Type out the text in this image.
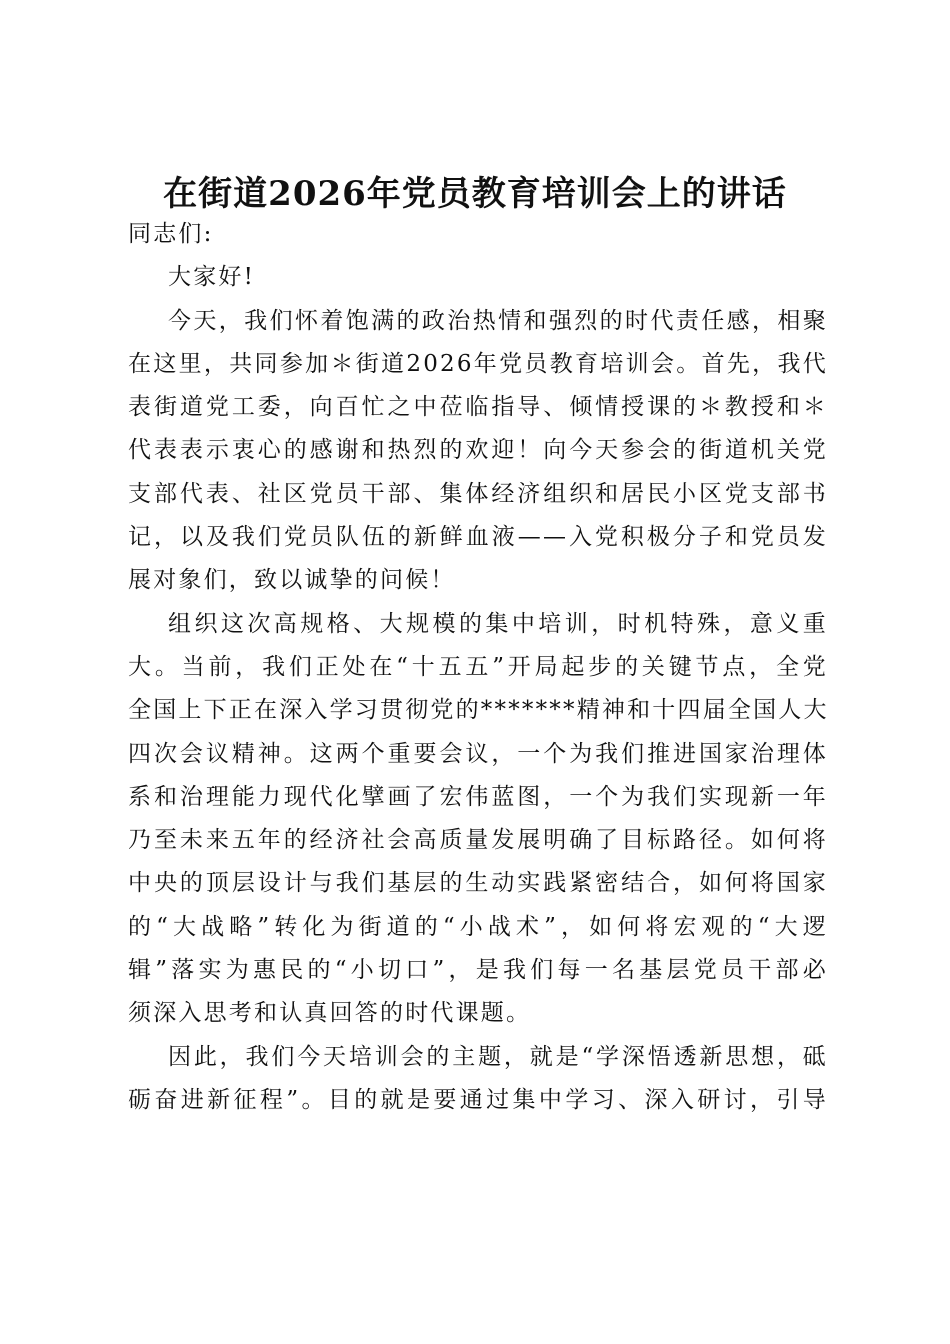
在街道2026年党员教育培训会上的讲话
同志们:
大家好!
今天，我们怀着饱满的政治热情和强烈的时代责任感，相聚
在这里，共同参加＊街道2026年党员教育培训会。首先，我代
表街道党工委，向百忙之中莅临指导、倾情授课的＊教授和＊
代表表示衷心的感谢和热烈的欢迎！向今天参会的街道机关党
支部代表、社区党员干部、集体经济组织和居民小区党支部书
记，以及我们党员队伍的新鲜血液——入党积极分子和党员发
展对象们，致以诚挚的问候！
组织这次高规格、大规模的集中培训，时机特殊，意义重
大。当前，我们正处在“十五五”开局起步的关键节点，全党
全国上下正在深入学习贯彻党的*******精神和十四届全国人大
四次会议精神。这两个重要会议，一个为我们推进国家治理体
系和治理能力现代化擘画了宏伟蓝图，一个为我们实现新一年
乃至未来五年的经济社会高质量发展明确了目标路径。如何将
中央的顶层设计与我们基层的生动实践紧密结合，如何将国家
的“大战略”转化为街道的“小战术”，如何将宏观的“大逻
辑”落实为惠民的“小切口”，是我们每一名基层党员干部必
须深入思考和认真回答的时代课题。
因此，我们今天培训会的主题，就是“学深悟透新思想，砥
砺奋进新征程”。目的就是要通过集中学习、深入研讨，引导
